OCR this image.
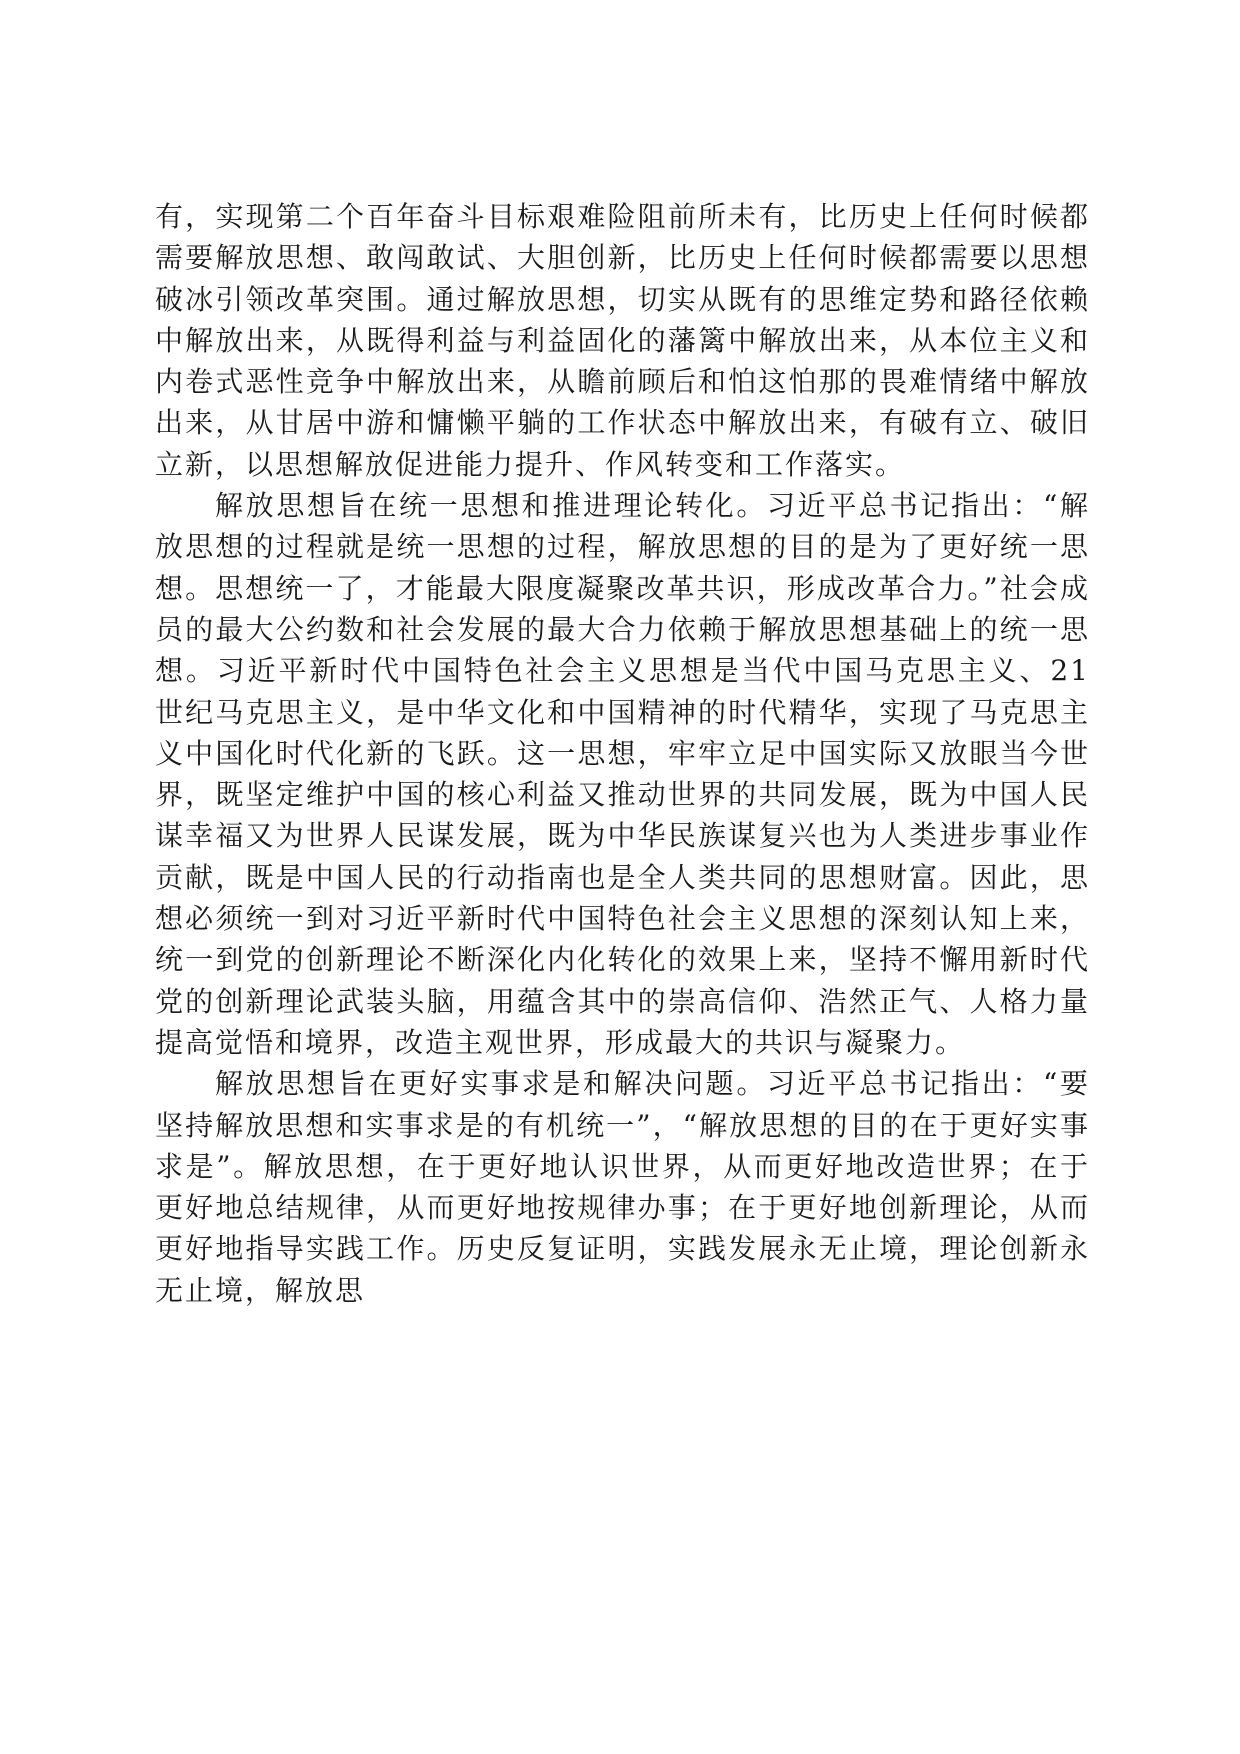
有，实现第二个百年奋斗目标艰难险阻前所未有，比历史上任何时候都需要解放思想、敢闯敢试、大胆创新，比历史上任何时候都需要以思想破冰引领改革突围。通过解放思想，切实从既有的思维定势和路径依赖中解放出来，从既得利益与利益固化的藩篱中解放出来，从本位主义和内卷式恶性竞争中解放出来，从瞻前顾后和怕这怕那的畏难情绪中解放出来，从甘居中游和慵懒平躺的工作状态中解放出来，有破有立、破旧立新，以思想解放促进能力提升、作风转变和工作落实。

解放思想旨在统一思想和推进理论转化。习近平总书记指出：“解放思想的过程就是统一思想的过程，解放思想的目的是为了更好统一思想。思想统一了，才能最大限度凝聚改革共识，形成改革合力。”社会成员的最大公约数和社会发展的最大合力依赖于解放思想基础上的统一思想。习近平新时代中国特色社会主义思想是当代中国马克思主义、21世纪马克思主义，是中华文化和中国精神的时代精华，实现了马克思主义中国化时代化新的飞跃。这一思想，牢牢立足中国实际又放眼当今世界，既坚定维护中国的核心利益又推动世界的共同发展，既为中国人民谋幸福又为世界人民谋发展，既为中华民族谋复兴也为人类进步事业作贡献，既是中国人民的行动指南也是全人类共同的思想财富。因此，思想必须统一到对习近平新时代中国特色社会主义思想的深刻认知上来，统一到党的创新理论不断深化内化转化的效果上来，坚持不懈用新时代党的创新理论武装头脑，用蕴含其中的崇高信仰、浩然正气、人格力量提高觉悟和境界，改造主观世界，形成最大的共识与凝聚力。

解放思想旨在更好实事求是和解决问题。习近平总书记指出：“要坚持解放思想和实事求是的有机统一”，“解放思想的目的在于更好实事求是”。解放思想，在于更好地认识世界，从而更好地改造世界；在于更好地总结规律，从而更好地按规律办事；在于更好地创新理论，从而更好地指导实践工作。历史反复证明，实践发展永无止境，理论创新永无止境，解放思
